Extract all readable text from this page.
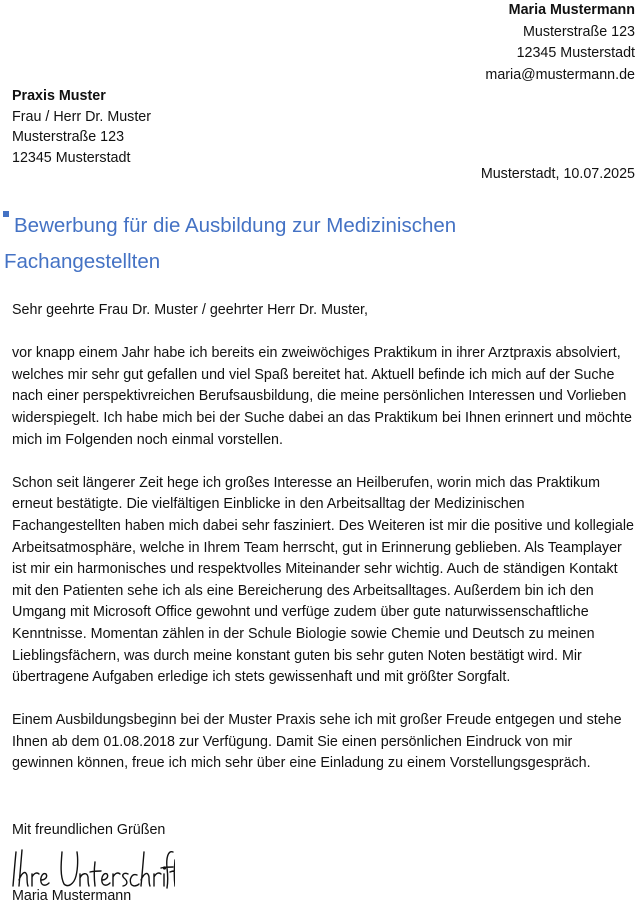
Maria Mustermann
Musterstraße 123
12345 Musterstadt
maria@mustermann.de
Praxis Muster
Frau / Herr Dr. Muster
Musterstraße 123
12345 Musterstadt
Musterstadt, 10.07.2025
Bewerbung für die Ausbildung zur Medizinischen
Fachangestellten

Sehr geehrte Frau Dr. Muster / geehrter Herr Dr. Muster,

vor knapp einem Jahr habe ich bereits ein zweiwöchiges Praktikum in ihrer Arztpraxis absolviert, welches mir sehr gut gefallen und viel Spaß bereitet hat. Aktuell befinde ich mich auf der Suche nach einer perspektivreichen Berufsausbildung, die meine persönlichen Interessen und Vorlieben widerspiegelt. Ich habe mich bei der Suche dabei an das Praktikum bei Ihnen erinnert und möchte mich im Folgenden noch einmal vorstellen.

Schon seit längerer Zeit hege ich großes Interesse an Heilberufen, worin mich das Praktikum erneut bestätigte. Die vielfältigen Einblicke in den Arbeitsalltag der Medizinischen Fachangestellten haben mich dabei sehr fasziniert. Des Weiteren ist mir die positive und kollegiale Arbeitsatmosphäre, welche in Ihrem Team herrscht, gut in Erinnerung geblieben. Als Teamplayer ist mir ein harmonisches und respektvolles Miteinander sehr wichtig. Auch de ständigen Kontakt mit den Patienten sehe ich als eine Bereicherung des Arbeitsalltages. Außerdem bin ich den Umgang mit Microsoft Office gewohnt und verfüge zudem über gute naturwissenschaftliche Kenntnisse. Momentan zählen in der Schule Biologie sowie Chemie und Deutsch zu meinen Lieblingsfächern, was durch meine konstant guten bis sehr guten Noten bestätigt wird. Mir übertragene Aufgaben erledige ich stets gewissenhaft und mit größter Sorgfalt.

Einem Ausbildungsbeginn bei der Muster Praxis sehe ich mit großer Freude entgegen und stehe Ihnen ab dem 01.08.2018 zur Verfügung. Damit Sie einen persönlichen Eindruck von mir gewinnen können, freue ich mich sehr über eine Einladung zu einem Vorstellungsgespräch.

Mit freundlichen Grüßen
Maria Mustermann
